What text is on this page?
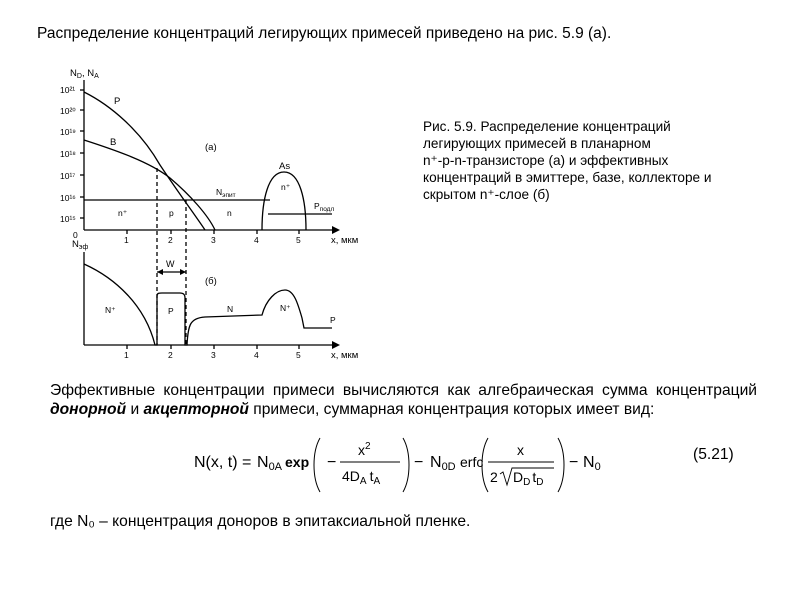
Распределение концентраций легирующих примесей приведено на рис. 5.9 (а).
$N_D$, $N_A$
10²¹
10²⁰
10¹⁹
10¹⁸
10¹⁷
10¹⁶
10¹⁵
0	1	2	3	4	5	x, мкм
(а)
P
B
As
n⁺	p	n
n⁺
$N_{эпит}$
$P_{подл}$
$N_{эф}$
W
(б)
N⁺	P	N	N⁺
P
1	2	3	4	5	x, мкм
Рис. 5.9. Распределение концентраций
легирующих примесей в планарном
n⁺-p-n-транзисторе (а) и эффективных
концентраций в эмиттере, базе, коллекторе и
скрытом n⁺-слое (б)
Эффективные концентрации примеси вычисляются как алгебраическая сумма концентраций донорной и акцепторной примеси, суммарная концентрация которых имеет вид:
N(x, t) = N0A exp −
$x^2$
$4D_A$ $t_A$
− N0D erfc
x
2 $D_D$ $t_D$
− N0
(5.21)
где N₀ – концентрация доноров в эпитаксиальной пленке.
